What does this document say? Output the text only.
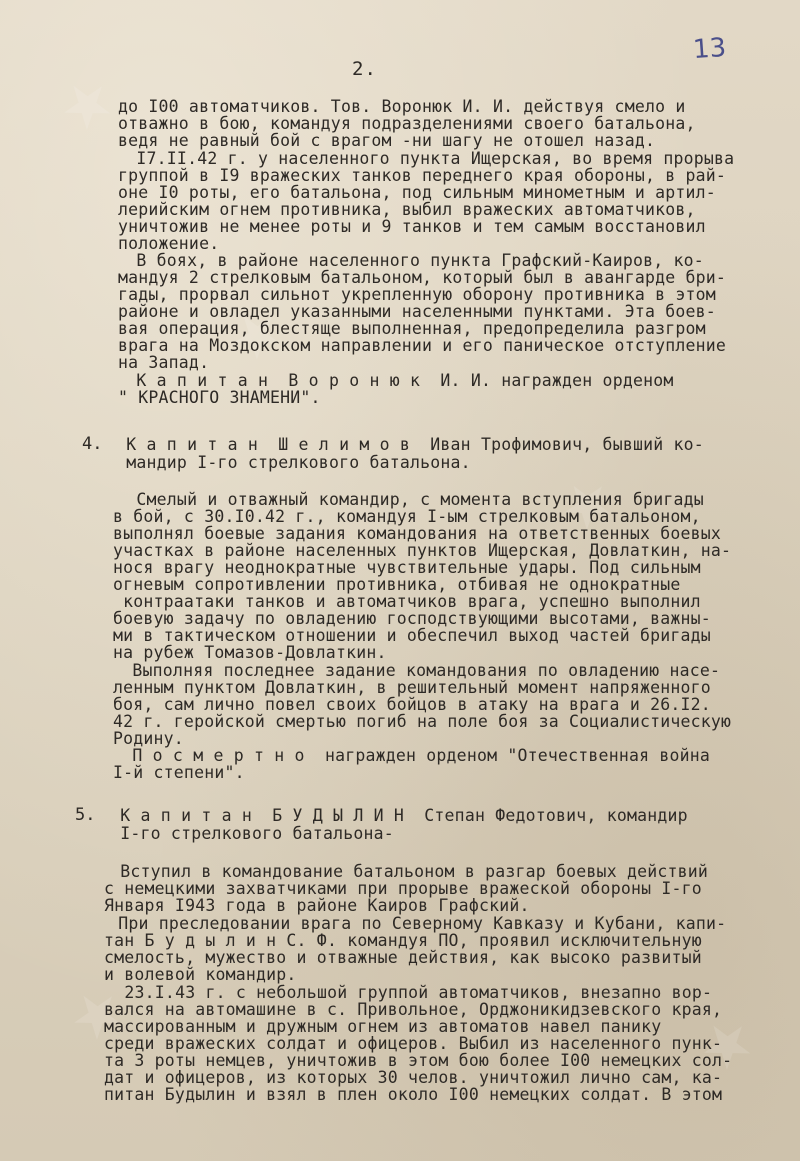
★
★
★
★	★
13
2.
4.
5.
до I00 автоматчиков. Тов. Воронюк И. И. действуя смело и
отважно в бою, командуя подразделениями своего батальона,
ведя не равный бой с врагом -ни шагу не отошел назад.
I7.II.42 г. у населенного пункта Ищерская, во время прорыва
группой в I9 вражеских танков переднего края обороны, в рай-
оне I0 роты, его батальона, под сильным минометным и артил-
лерийским огнем противника, выбил вражеских автоматчиков,
уничтожив не менее роты и 9 танков и тем самым восстановил
положение.
В боях, в районе населенного пункта Графский-Каиров, ко-
мандуя 2 стрелковым батальоном, который был в авангарде бри-
гады, прорвал сильнот укрепленную оборону противника в этом
районе и овладел указанными населенными пунктами. Эта боев-
вая операция, блестяще выполненная, предопределила разгром
врага на Моздокском направлении и его паническое отступление
на Запад.
К а п и т а н  В о р о н ю к  И. И. награжден орденом
" КРАСНОГО ЗНАМЕНИ".
К а п и т а н  Ш е л и м о в  Иван Трофимович, бывший ко-
мандир I-го стрелкового батальона.
Смелый и отважный командир, с момента вступления бригады
в бой, с 30.I0.42 г., командуя I-ым стрелковым батальоном,
выполнял боевые задания командования на ответственных боевых
участках в районе населенных пунктов Ищерская, Довлаткин, на-
нося врагу неоднократные чувствительные удары. Под сильным
огневым сопротивлении противника, отбивая не однократные
контраатаки танков и автоматчиков врага, успешно выполнил
боевую задачу по овладению господствующими высотами, важны-
ми в тактическом отношении и обеспечил выход частей бригады
на рубеж Томазов-Довлаткин.
Выполняя последнее задание командования по овладению насе-
ленным пунктом Довлаткин, в решительный момент напряженного
боя, сам лично повел своих бойцов в атаку на врага и 26.I2.
42 г. геройской смертью погиб на поле боя за Социалистическую
Родину.
П о с м е р т н о  награжден орденом "Отечественная война
I-й степени".
К а п и т а н  Б У Д Ы Л И Н  Степан Федотович, командир
I-го стрелкового батальона-
Вступил в командование батальоном в разгар боевых действий
с немецкими захватчиками при прорыве вражеской обороны I-го
Января I943 года в районе Каиров Графский.
При преследовании врага по Северному Кавказу и Кубани, капи-
тан Б у д ы л и н С. Ф. командуя ПО, проявил исключительную
смелость, мужество и отважные действия, как высоко развитый
и волевой командир.
23.I.43 г. с небольшой группой автоматчиков, внезапно вор-
вался на автомашине в с. Привольное, Орджоникидзевского края,
массированным и дружным огнем из автоматов навел панику
среди вражеских солдат и офицеров. Выбил из населенного пунк-
та 3 роты немцев, уничтожив в этом бою более I00 немецких сол-
дат и офицеров, из которых 30 челов. уничтожил лично сам, ка-
питан Будылин и взял в плен около I00 немецких солдат. В этом
